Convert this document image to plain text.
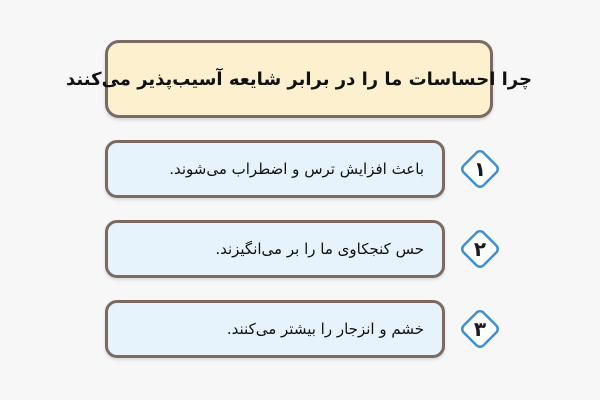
چرا احساسات ما را در برابر شایعه آسیب‌پذیر می‌کنند
باعث افزایش ترس و اضطراب می‌شوند.	۱
حس کنجکاوی ما را بر می‌انگیزند.	۲
خشم و انزجار را بیشتر می‌کنند.	۳
